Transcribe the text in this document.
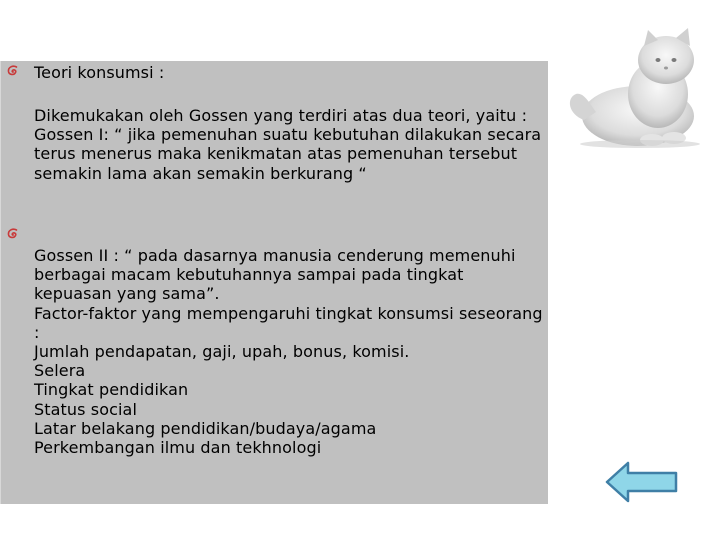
Teori konsumsi :
Dikemukakan oleh Gossen yang terdiri atas dua teori, yaitu :
Gossen I: “ jika pemenuhan suatu kebutuhan dilakukan secara terus menerus maka kenikmatan atas pemenuhan tersebut semakin lama akan semakin berkurang “
Gossen II : “ pada dasarnya manusia cenderung memenuhi berbagai macam kebutuhannya sampai pada tingkat kepuasan yang sama”.
Factor-faktor yang mempengaruhi tingkat konsumsi seseorang :
Jumlah pendapatan, gaji, upah, bonus, komisi.
Selera
Tingkat pendidikan
Status social
Latar belakang pendidikan/budaya/agama
Perkembangan ilmu dan tekhnologi
